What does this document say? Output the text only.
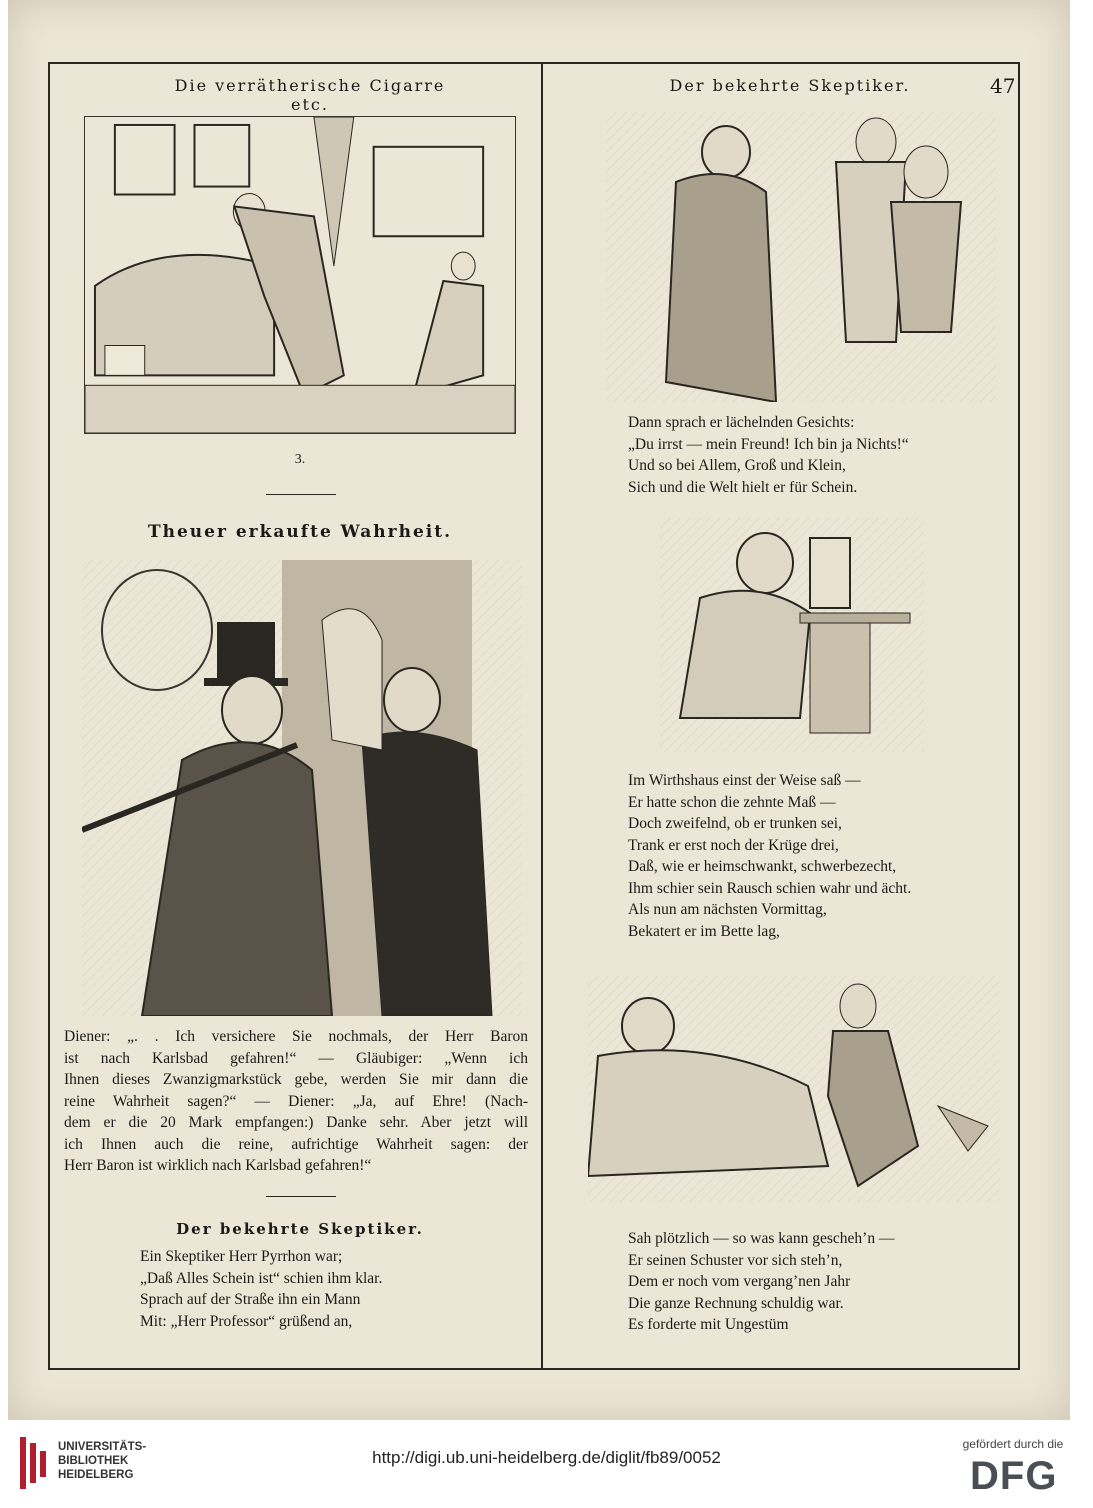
Die verrätherische Cigarre etc.
Der bekehrte Skeptiker.	47
3.
Theuer erkaufte Wahrheit.

Diener: „. . Ich versichere Sie nochmals, der Herr Baron

ist nach Karlsbad gefahren!“ — Gläubiger: „Wenn ich

Ihnen dieses Zwanzigmarkstück gebe, werden Sie mir dann die

reine Wahrheit sagen?“ — Diener: „Ja, auf Ehre! (Nach-

dem er die 20 Mark empfangen:) Danke sehr. Aber jetzt will

ich Ihnen auch die reine, aufrichtige Wahrheit sagen: der

Herr Baron ist wirklich nach Karlsbad gefahren!“

Der bekehrte Skeptiker.

Ein Skeptiker Herr Pyrrhon war;

„Daß Alles Schein ist“ schien ihm klar.

Sprach auf der Straße ihn ein Mann

Mit: „Herr Professor“ grüßend an,

Dann sprach er lächelnden Gesichts:

„Du irrst — mein Freund! Ich bin ja Nichts!“

Und so bei Allem, Groß und Klein,

Sich und die Welt hielt er für Schein.

Im Wirthshaus einst der Weise saß —

Er hatte schon die zehnte Maß —

Doch zweifelnd, ob er trunken sei,

Trank er erst noch der Krüge drei,

Daß, wie er heimschwankt, schwerbezecht,

Ihm schier sein Rausch schien wahr und ächt.

Als nun am nächsten Vormittag,

Bekatert er im Bette lag,

Sah plötzlich — so was kann gescheh’n —

Er seinen Schuster vor sich steh’n,

Dem er noch vom vergang’nen Jahr

Die ganze Rechnung schuldig war.

Es forderte mit Ungestüm

UNIVERSITÄTS-
BIBLIOTHEK
HEIDELBERG
http://digi.ub.uni-heidelberg.de/diglit/fb89/0052
gefördert durch die
DFG
